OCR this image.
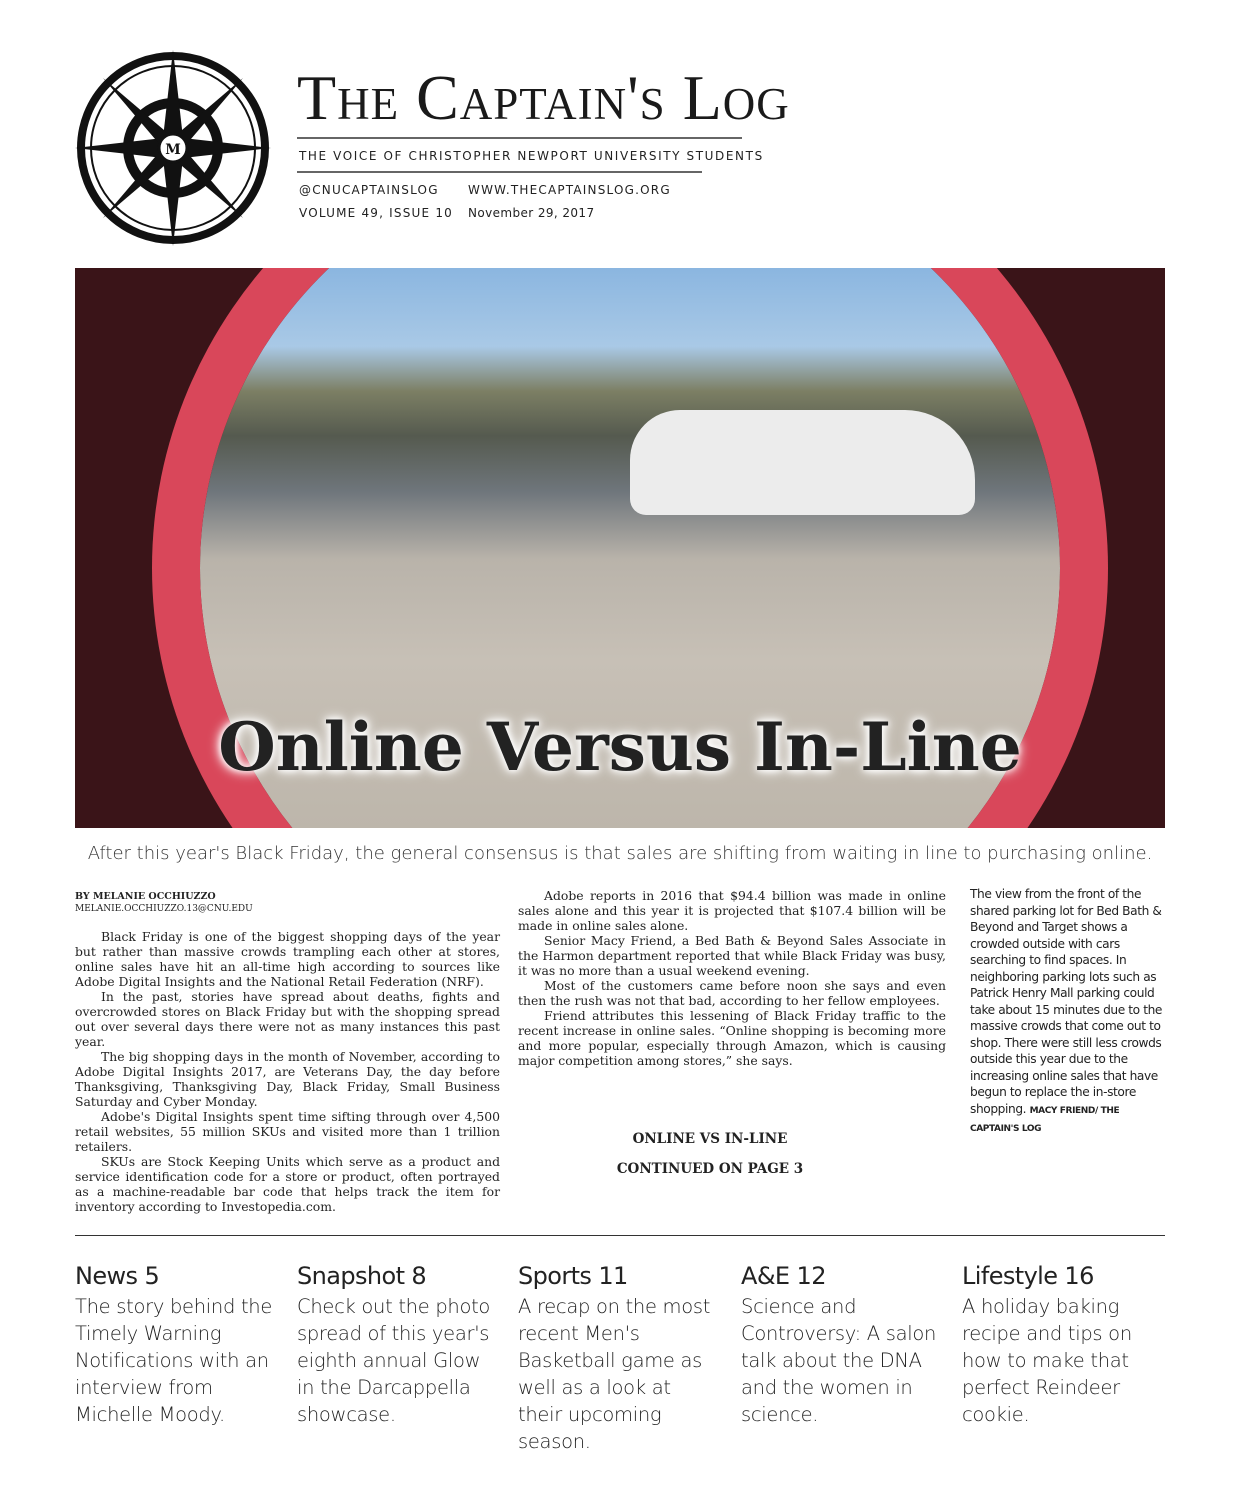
M
The Captain's Log
THE VOICE OF CHRISTOPHER NEWPORT UNIVERSITY STUDENTS
@CNUCAPTAINSLOG WWW.THECAPTAINSLOG.ORG
VOLUME 49, ISSUE 10 November 29, 2017
Online Versus In-Line
After this year's Black Friday, the general consensus is that sales are shifting from waiting in line to purchasing online.
BY MELANIE OCCHIUZZO
MELANIE.OCCHIUZZO.13@CNU.EDU

Black Friday is one of the biggest shopping days of the year but rather than massive crowds trampling each other at stores, online sales have hit an all-time high according to sources like Adobe Digital Insights and the National Retail Federation (NRF).

In the past, stories have spread about deaths, fights and overcrowded stores on Black Friday but with the shopping spread out over several days there were not as many instances this past year.

The big shopping days in the month of November, according to Adobe Digital Insights 2017, are Veterans Day, the day before Thanksgiving, Thanksgiving Day, Black Friday, Small Business Saturday and Cyber Monday.

Adobe's Digital Insights spent time sifting through over 4,500 retail websites, 55 million SKUs and visited more than 1 trillion retailers.

SKUs are Stock Keeping Units which serve as a product and service identification code for a store or product, often portrayed as a machine-readable bar code that helps track the item for inventory according to Investopedia.com.

Adobe reports in 2016 that $94.4 billion was made in online sales alone and this year it is projected that $107.4 billion will be made in online sales alone.

Senior Macy Friend, a Bed Bath & Beyond Sales Associate in the Harmon department reported that while Black Friday was busy, it was no more than a usual weekend evening.

Most of the customers came before noon she says and even then the rush was not that bad, according to her fellow employees.

Friend attributes this lessening of Black Friday traffic to the recent increase in online sales. “Online shopping is becoming more and more popular, especially through Amazon, which is causing major competition among stores,” she says.

ONLINE VS IN-LINE
CONTINUED ON PAGE 3
The view from the front of the shared parking lot for Bed Bath & Beyond and Target shows a crowded outside with cars searching to find spaces. In neighboring parking lots such as Patrick Henry Mall parking could take about 15 minutes due to the massive crowds that come out to shop. There were still less crowds outside this year due to the increasing online sales that have begun to replace the in-store shopping. MACY FRIEND/ THE CAPTAIN'S LOG
News 5
The story behind the Timely Warning Notifications with an interview from Michelle Moody.
Snapshot 8
Check out the photo spread of this year's eighth annual Glow in the Darcappella showcase.
Sports 11
A recap on the most recent Men's Basketball game as well as a look at their upcoming season.
A&E 12
Science and Controversy: A salon talk about the DNA and the women in science.
Lifestyle 16
A holiday baking recipe and tips on how to make that perfect Reindeer cookie.
